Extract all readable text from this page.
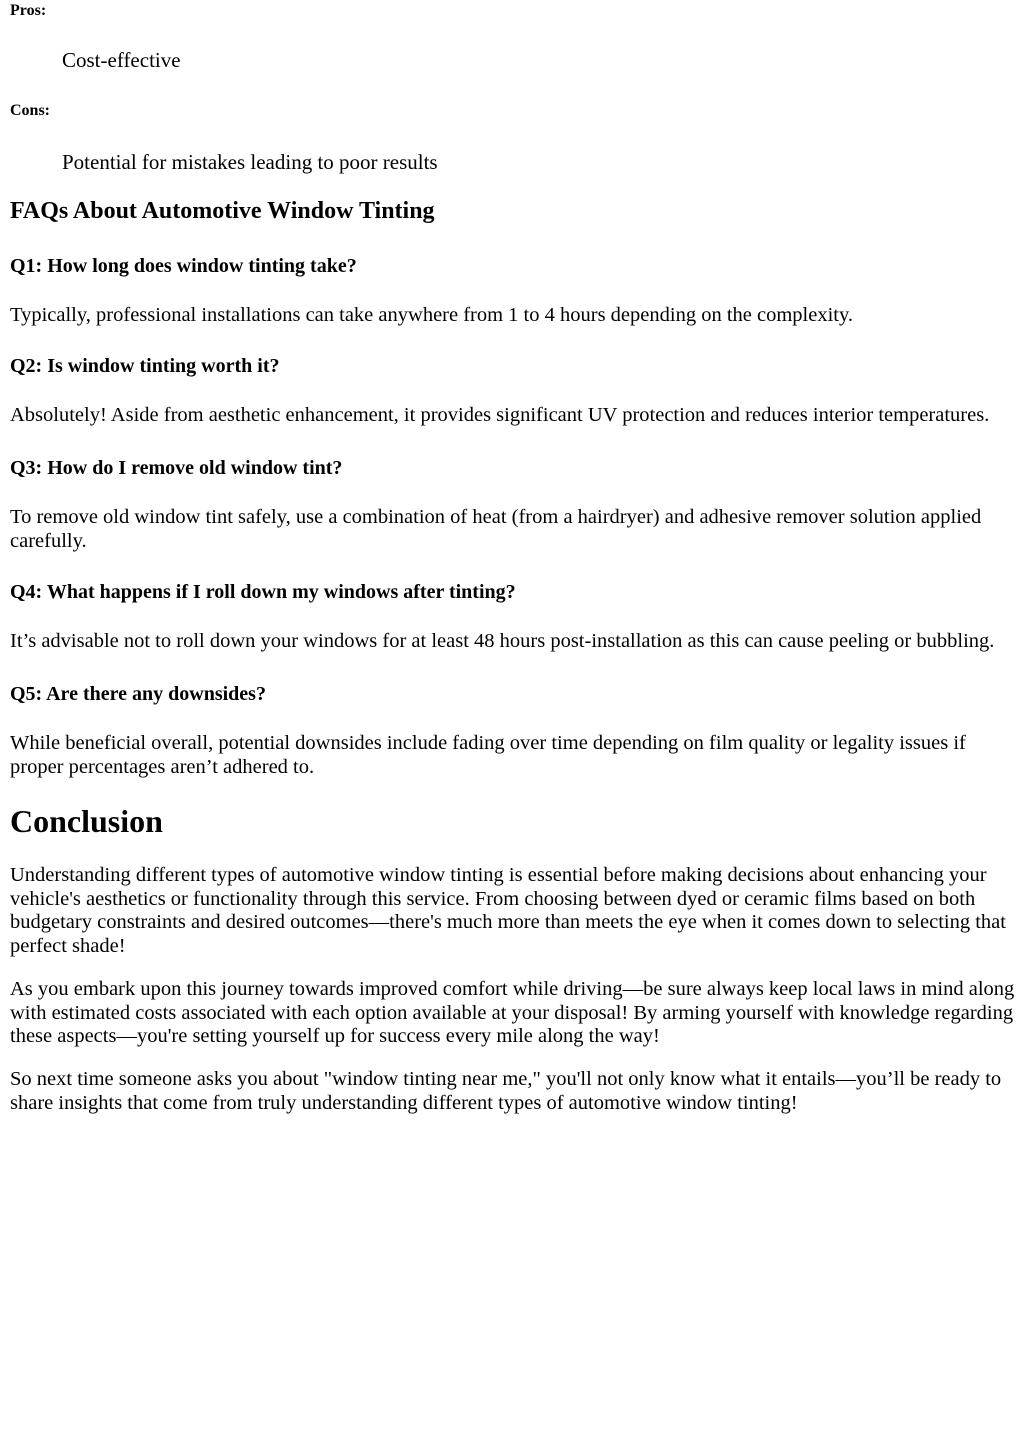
Pros:

Cost-effective

Cons:

Potential for mistakes leading to poor results

FAQs About Automotive Window Tinting

Q1: How long does window tinting take?

Typically, professional installations can take anywhere from 1 to 4 hours depending on the complexity.

Q2: Is window tinting worth it?

Absolutely! Aside from aesthetic enhancement, it provides significant UV protection and reduces interior temperatures.

Q3: How do I remove old window tint?

To remove old window tint safely, use a combination of heat (from a hairdryer) and adhesive remover solution applied carefully.

Q4: What happens if I roll down my windows after tinting?

It’s advisable not to roll down your windows for at least 48 hours post-installation as this can cause peeling or bubbling.

Q5: Are there any downsides?

While beneficial overall, potential downsides include fading over time depending on film quality or legality issues if proper percentages aren’t adhered to.

Conclusion

Understanding different types of automotive window tinting is essential before making decisions about enhancing your vehicle's aesthetics or functionality through this service. From choosing between dyed or ceramic films based on both budgetary constraints and desired outcomes—there's much more than meets the eye when it comes down to selecting that perfect shade!

As you embark upon this journey towards improved comfort while driving—be sure always keep local laws in mind along with estimated costs associated with each option available at your disposal! By arming yourself with knowledge regarding these aspects—you're setting yourself up for success every mile along the way!

So next time someone asks you about "window tinting near me," you'll not only know what it entails—you’ll be ready to share insights that come from truly understanding different types of automotive window tinting!
